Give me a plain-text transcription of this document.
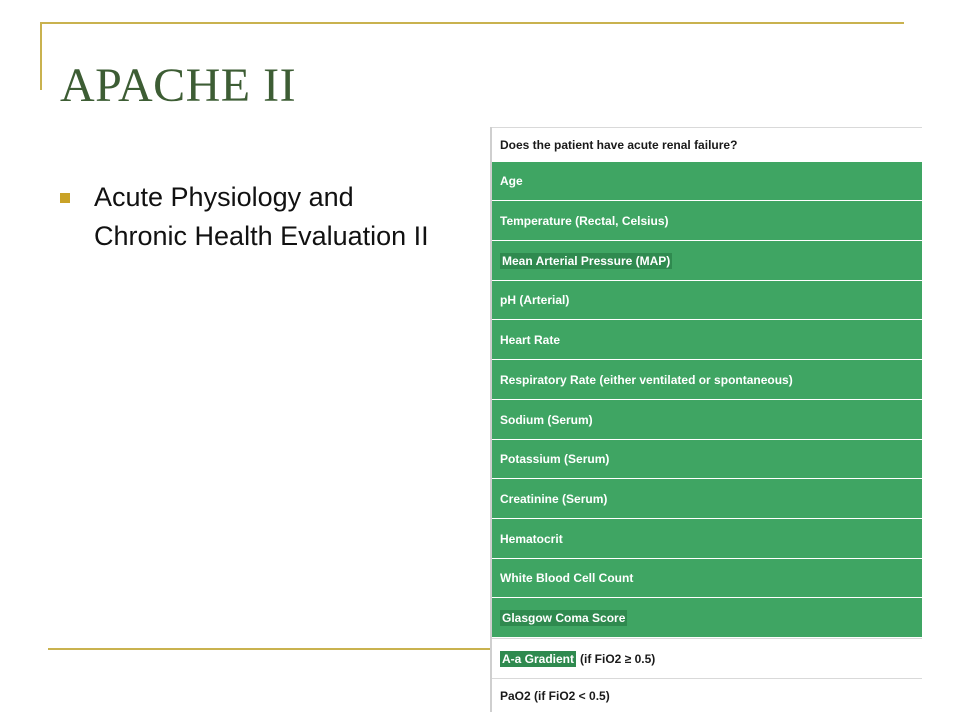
APACHE II
Acute Physiology and Chronic Health Evaluation II
Does the patient have acute renal failure?
Age
Temperature (Rectal, Celsius)
Mean Arterial Pressure (MAP)
pH (Arterial)
Heart Rate
Respiratory Rate (either ventilated or spontaneous)
Sodium (Serum)
Potassium (Serum)
Creatinine (Serum)
Hematocrit
White Blood Cell Count
Glasgow Coma Score
A-a Gradient (if FiO2 ≥ 0.5)
PaO2 (if FiO2 < 0.5)
